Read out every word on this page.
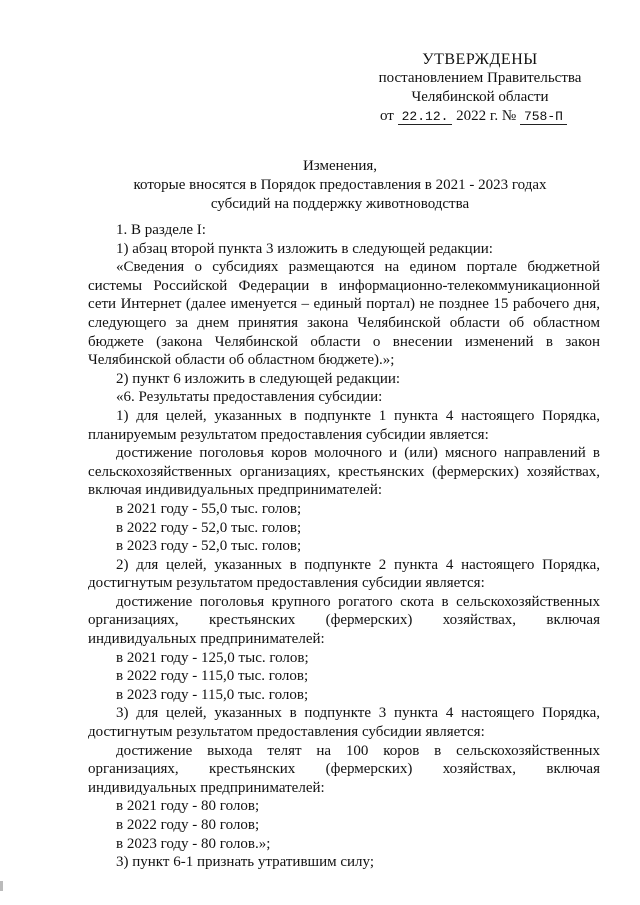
УТВЕРЖДЕНЫ
постановлением Правительства
Челябинской области
от 22.12. 2022 г. № 758-П
Изменения,
которые вносятся в Порядок предоставления в 2021 - 2023 годах
субсидий на поддержку животноводства

1. В разделе I:

1) абзац второй пункта 3 изложить в следующей редакции:

«Сведения о субсидиях размещаются на едином портале бюджетной системы Российской Федерации в информационно-телекоммуникационной сети Интернет (далее именуется – единый портал) не позднее 15 рабочего дня, следующего за днем принятия закона Челябинской области об областном бюджете (закона Челябинской области о внесении изменений в закон Челябинской области об областном бюджете).»;

2) пункт 6 изложить в следующей редакции:

«6. Результаты предоставления субсидии:

1) для целей, указанных в подпункте 1 пункта 4 настоящего Порядка, планируемым результатом предоставления субсидии является:

достижение поголовья коров молочного и (или) мясного направлений в сельскохозяйственных организациях, крестьянских (фермерских) хозяйствах, включая индивидуальных предпринимателей:

в 2021 году - 55,0 тыс. голов;

в 2022 году - 52,0 тыс. голов;

в 2023 году - 52,0 тыс. голов;

2) для целей, указанных в подпункте 2 пункта 4 настоящего Порядка, достигнутым результатом предоставления субсидии является:

достижение поголовья крупного рогатого скота в сельскохозяйственных организациях, крестьянских (фермерских) хозяйствах, включая индивидуальных предпринимателей:

в 2021 году - 125,0 тыс. голов;

в 2022 году - 115,0 тыс. голов;

в 2023 году - 115,0 тыс. голов;

3) для целей, указанных в подпункте 3 пункта 4 настоящего Порядка, достигнутым результатом предоставления субсидии является:

достижение выхода телят на 100 коров в сельскохозяйственных организациях, крестьянских (фермерских) хозяйствах, включая индивидуальных предпринимателей:

в 2021 году - 80 голов;

в 2022 году - 80 голов;

в 2023 году - 80 голов.»;

3) пункт 6-1 признать утратившим силу;
